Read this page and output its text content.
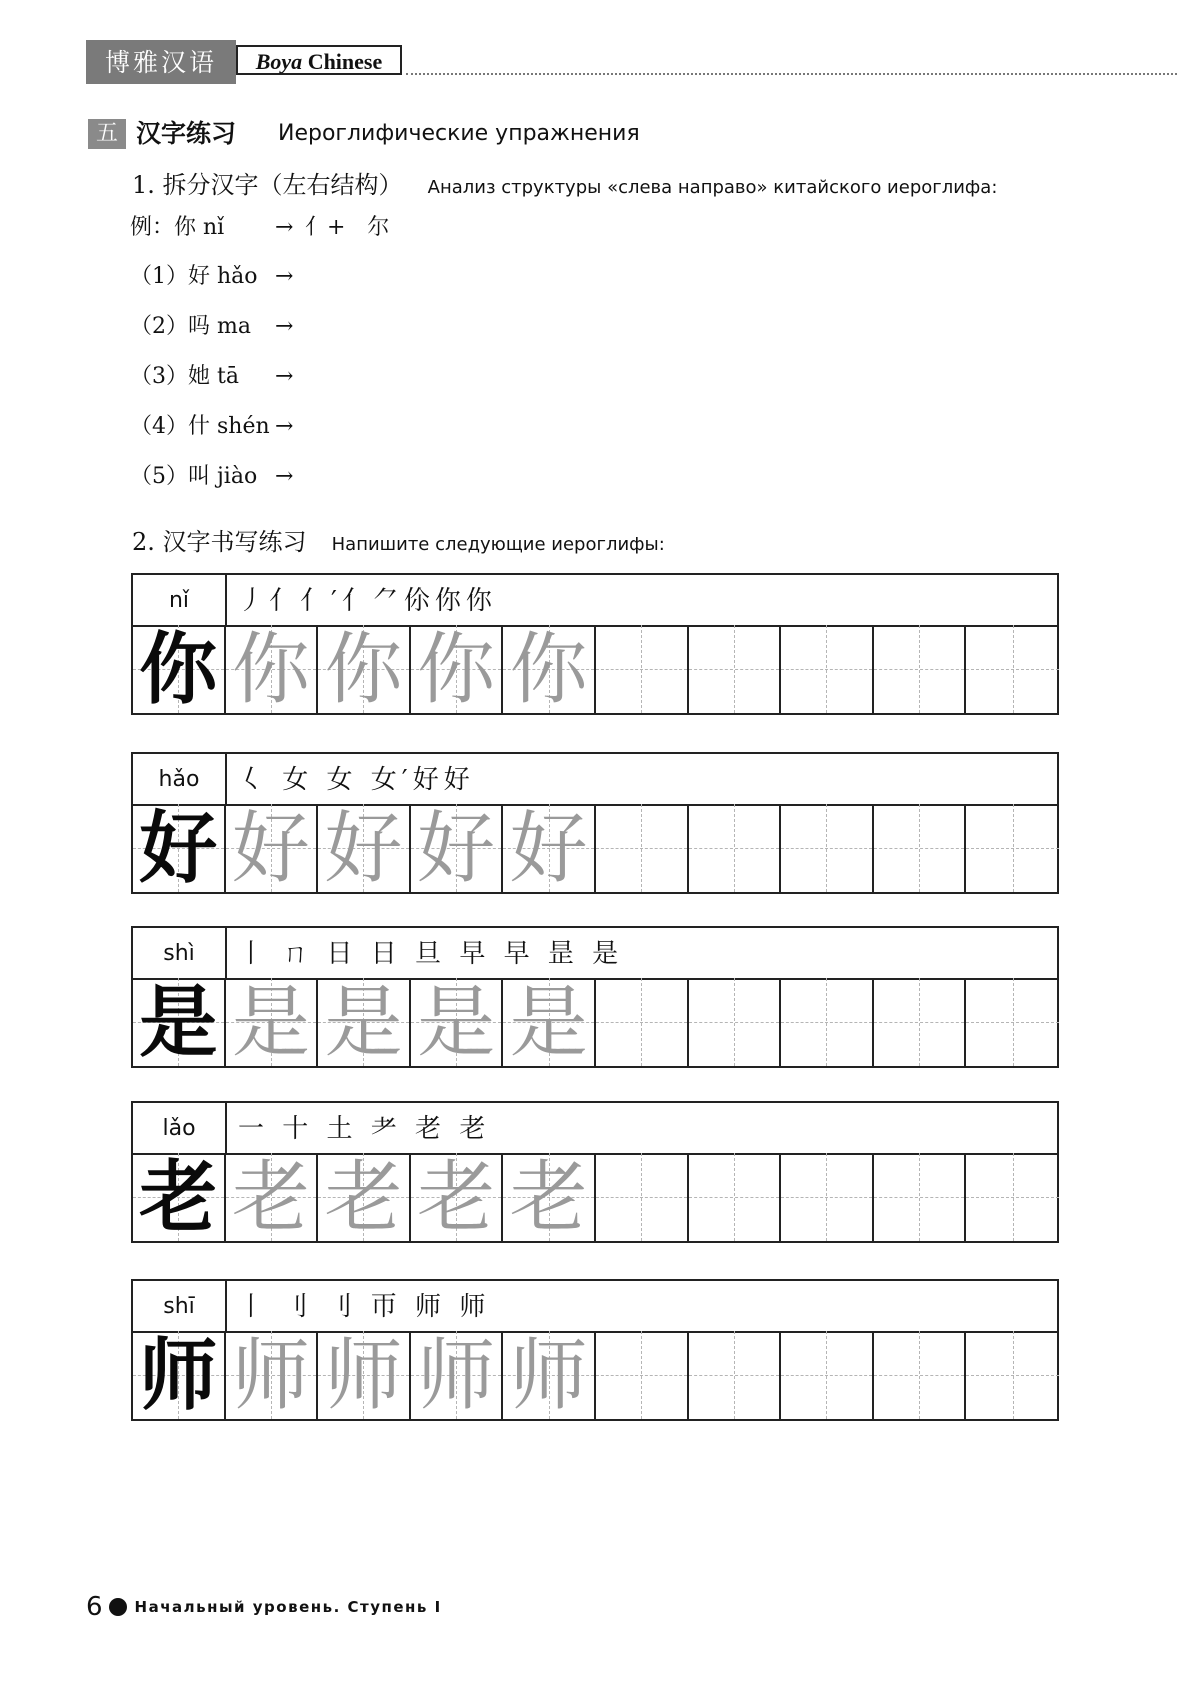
博雅汉语	Boya Chinese
五 汉字练习 Иероглифические упражнения
1. 拆分汉字（左右结构） Анализ структуры «слева направо» китайского иероглифа:
例：你 nǐ → 亻+　尔
（1）好 hǎo →
（2）吗 ma →
（3）她 tā →
（4）什 shén →
（5）叫 jiào →
2. 汉字书写练习 Напишите следующие иероглифы:
nǐ	丿亻亻′亻⺈伱你你
你 你 你 你 你
hǎo	𡿨 女 女 女′好好
好 好 好 好 好
shì	丨 ㄇ 日 日 旦 早 早 昰 是
是 是 是 是 是
lǎo	一 十 土 耂 老 老
老 老 老 老 老
shī	丨 刂 刂 帀 师 师
师 师 师 师 师
6 Начальный уровень. Ступень I
